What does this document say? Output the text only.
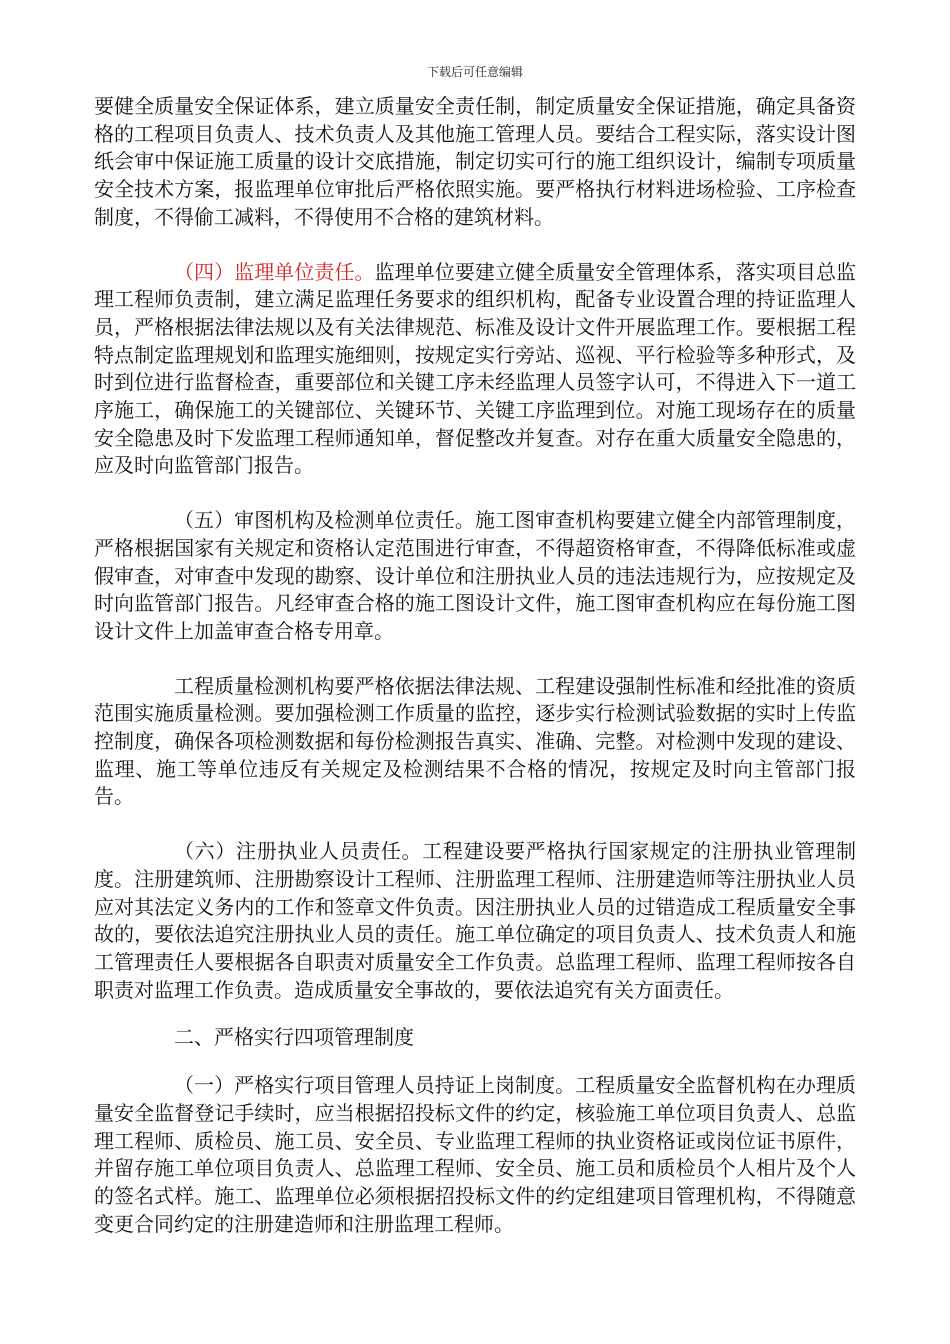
下载后可任意编辑

要健全质量安全保证体系，建立质量安全责任制，制定质量安全保证措施，确定具备资格的工程项目负责人、技术负责人及其他施工管理人员。要结合工程实际，落实设计图纸会审中保证施工质量的设计交底措施，制定切实可行的施工组织设计，编制专项质量安全技术方案，报监理单位审批后严格依照实施。要严格执行材料进场检验、工序检查制度，不得偷工减料，不得使用不合格的建筑材料。

（四）监理单位责任。监理单位要建立健全质量安全管理体系，落实项目总监理工程师负责制，建立满足监理任务要求的组织机构，配备专业设置合理的持证监理人员，严格根据法律法规以及有关法律规范、标准及设计文件开展监理工作。要根据工程特点制定监理规划和监理实施细则，按规定实行旁站、巡视、平行检验等多种形式，及时到位进行监督检查，重要部位和关键工序未经监理人员签字认可，不得进入下一道工序施工，确保施工的关键部位、关键环节、关键工序监理到位。对施工现场存在的质量安全隐患及时下发监理工程师通知单，督促整改并复查。对存在重大质量安全隐患的，应及时向监管部门报告。

（五）审图机构及检测单位责任。施工图审查机构要建立健全内部管理制度，严格根据国家有关规定和资格认定范围进行审查，不得超资格审查，不得降低标准或虚假审查，对审查中发现的勘察、设计单位和注册执业人员的违法违规行为，应按规定及时向监管部门报告。凡经审查合格的施工图设计文件，施工图审查机构应在每份施工图设计文件上加盖审查合格专用章。

工程质量检测机构要严格依据法律法规、工程建设强制性标准和经批准的资质范围实施质量检测。要加强检测工作质量的监控，逐步实行检测试验数据的实时上传监控制度，确保各项检测数据和每份检测报告真实、准确、完整。对检测中发现的建设、监理、施工等单位违反有关规定及检测结果不合格的情况，按规定及时向主管部门报告。

（六）注册执业人员责任。工程建设要严格执行国家规定的注册执业管理制度。注册建筑师、注册勘察设计工程师、注册监理工程师、注册建造师等注册执业人员应对其法定义务内的工作和签章文件负责。因注册执业人员的过错造成工程质量安全事故的，要依法追究注册执业人员的责任。施工单位确定的项目负责人、技术负责人和施工管理责任人要根据各自职责对质量安全工作负责。总监理工程师、监理工程师按各自职责对监理工作负责。造成质量安全事故的，要依法追究有关方面责任。

二、严格实行四项管理制度

（一）严格实行项目管理人员持证上岗制度。工程质量安全监督机构在办理质量安全监督登记手续时，应当根据招投标文件的约定，核验施工单位项目负责人、总监理工程师、质检员、施工员、安全员、专业监理工程师的执业资格证或岗位证书原件，并留存施工单位项目负责人、总监理工程师、安全员、施工员和质检员个人相片及个人的签名式样。施工、监理单位必须根据招投标文件的约定组建项目管理机构，不得随意变更合同约定的注册建造师和注册监理工程师。
